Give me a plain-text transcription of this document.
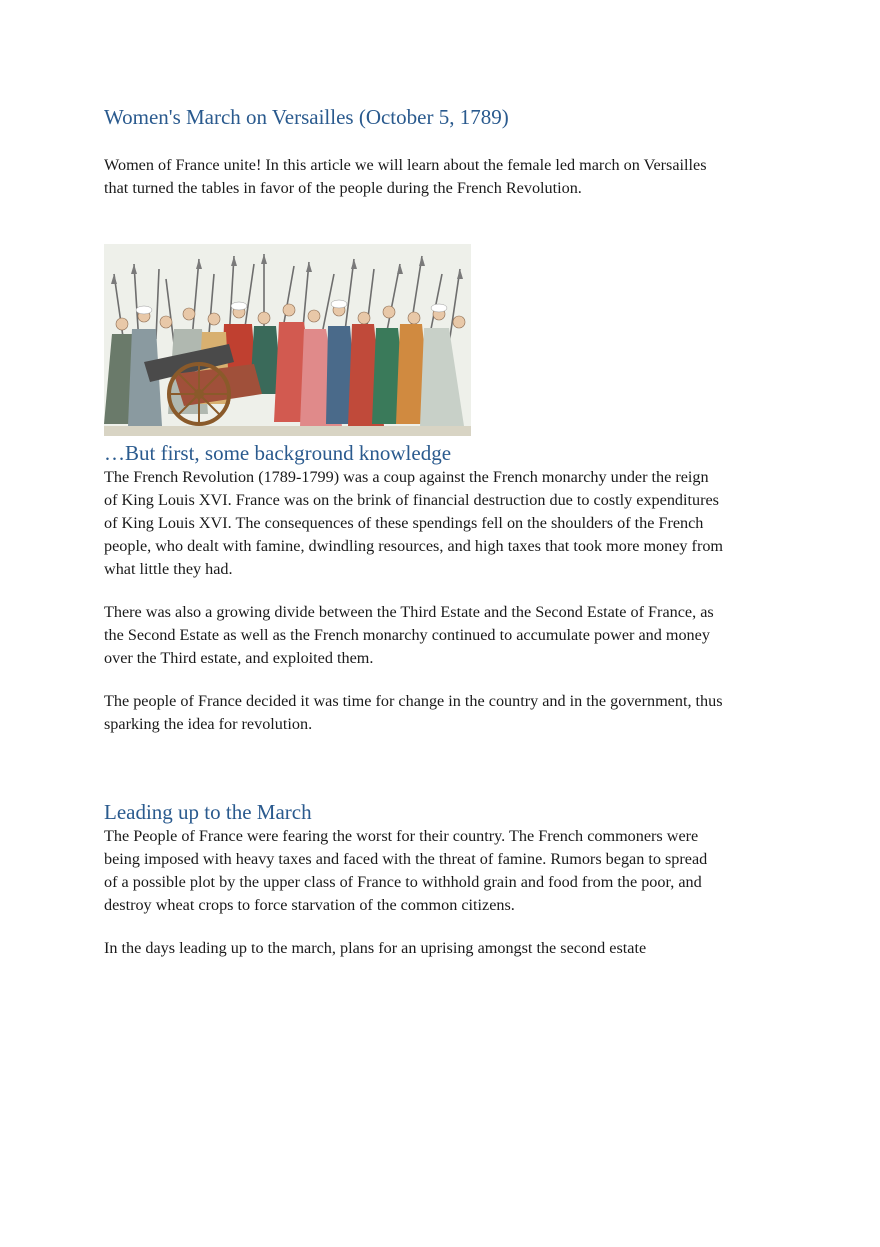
Women's March on Versailles (October 5, 1789)

Women of France unite! In this article we will learn about the female led march on Versailles that turned the tables in favor of the people during the French Revolution.

…But first, some background knowledge

The French Revolution (1789-1799) was a coup against the French monarchy under the reign of King Louis XVI. France was on the brink of financial destruction due to costly expenditures of King Louis XVI. The consequences of these spendings fell on the shoulders of the French people, who dealt with famine, dwindling resources, and high taxes that took more money from what little they had.

There was also a growing divide between the Third Estate and the Second Estate of France, as the Second Estate as well as the French monarchy continued to accumulate power and money over the Third estate, and exploited them.

The people of France decided it was time for change in the country and in the government, thus sparking the idea for revolution.

Leading up to the March

The People of France were fearing the worst for their country. The French commoners were being imposed with heavy taxes and faced with the threat of famine. Rumors began to spread of a possible plot by the upper class of France to withhold grain and food from the poor, and destroy wheat crops to force starvation of the common citizens.

In the days leading up to the march, plans for an uprising amongst the second estate
